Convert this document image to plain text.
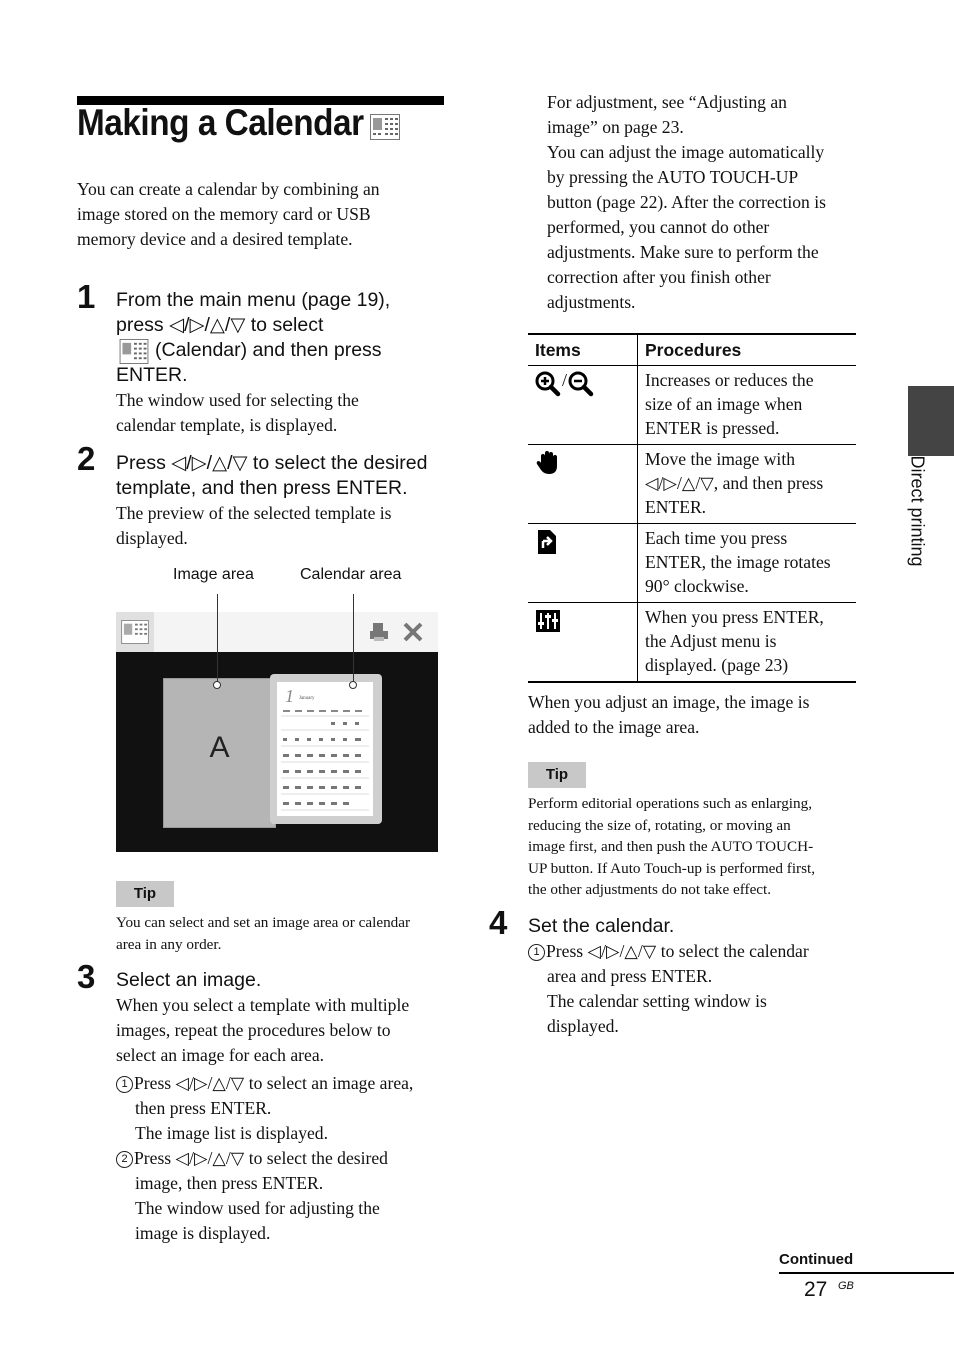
Making a Calendar
You can create a calendar by combining an
image stored on the memory card or USB
memory device and a desired template.
1 From the main menu (page 19),
press ◁/▷/△/▽ to select
(Calendar) and then press
ENTER.
The window used for selecting the
calendar template, is displayed.
2 Press ◁/▷/△/▽ to select the desired
template, and then press ENTER.
The preview of the selected template is
displayed.
Image area	Calendar area
A
1 January
Tip
You can select and set an image area or calendar
area in any order.
3 Select an image.
When you select a template with multiple
images, repeat the procedures below to
select an image for each area.
1 Press ◁/▷/△/▽ to select an image area,
then press ENTER.
The image list is displayed.
2 Press ◁/▷/△/▽ to select the desired
image, then press ENTER.
The window used for adjusting the
image is displayed.
For adjustment, see “Adjusting an
image” on page 23.
You can adjust the image automatically
by pressing the AUTO TOUCH-UP
button (page 22). After the correction is
performed, you cannot do other
adjustments. Make sure to perform the
correction after you finish other
adjustments.
Items	Procedures
/	Increases or reduces the
size of an image when
ENTER is pressed.

Move the image with
◁/▷/△/▽, and then press
ENTER.

Each time you press
ENTER, the image rotates
90° clockwise.

When you press ENTER,
the Adjust menu is
displayed. (page 23)
When you adjust an image, the image is
added to the image area.
Tip
Perform editorial operations such as enlarging,
reducing the size of, rotating, or moving an
image first, and then push the AUTO TOUCH-
UP button. If Auto Touch-up is performed first,
the other adjustments do not take effect.
4 Set the calendar.
1 Press ◁/▷/△/▽ to select the calendar
area and press ENTER.
The calendar setting window is
displayed.
Direct printing
Continued
27 GB
